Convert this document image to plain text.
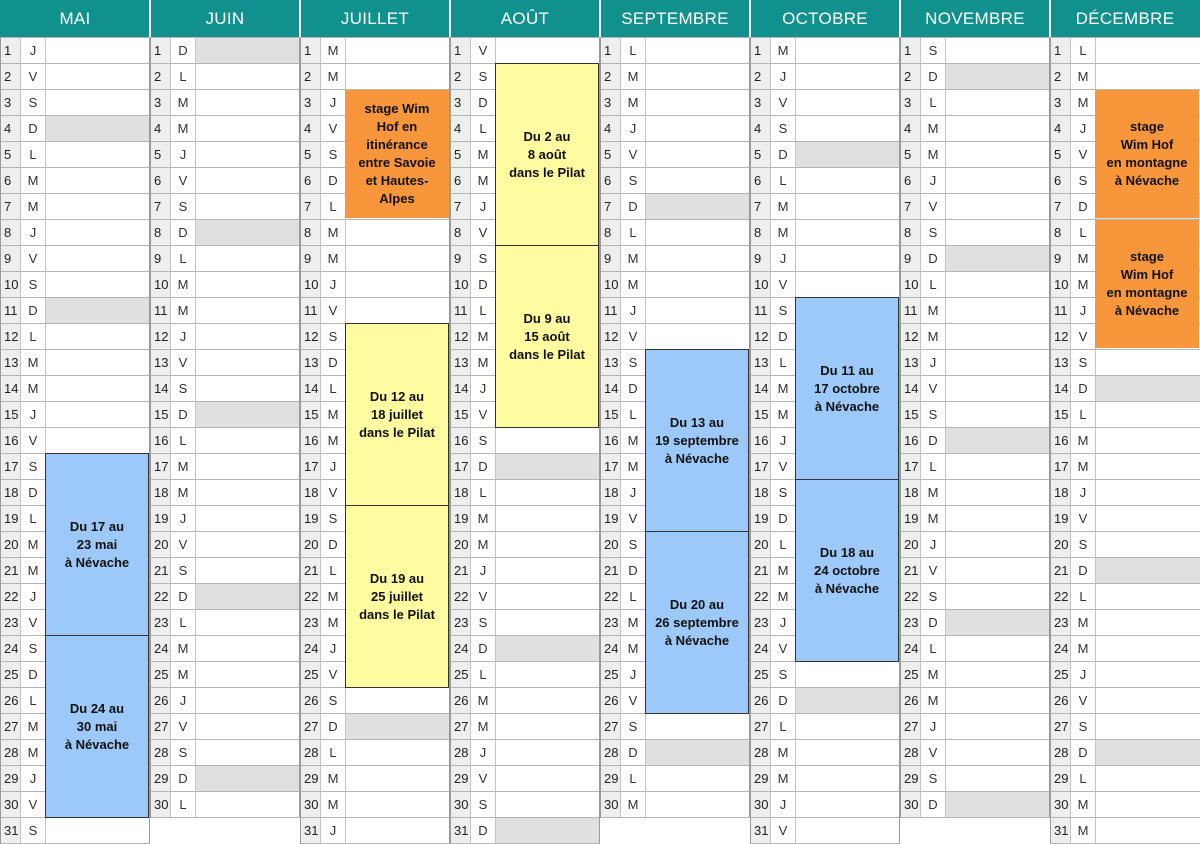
MAI
1	J
2	V
3	S
4	D
5	L
6	M
7	M
8	J
9	V
10 S
11 D
12 L
13 M
14 M
15 J
16 V
17 S
18 D
19 L
20 M
21 M
22 J
23 V
24 S
25 D
26 L
27 M
28 M
29 J
30 V
31 S
JUIN
1	D
2	L
3	M
4	M
5	J
6	V
7	S
8	D
9	L
10 M
11 M
12 J
13 V
14 S
15 D
16 L
17 M
18 M
19 J
20 V
21 S
22 D
23 L
24 M
25 M
26 J
27 V
28 S
29 D
30 L
JUILLET
1	M
2	M
3	J
4	V
5	S
6	D
7	L
8	M
9	M
10 J
11 V
12 S
13 D
14 L
15 M
16 M
17 J
18 V
19 S
20 D
21 L
22 M
23 M
24 J
25 V
26 S
27 D
28 L
29 M
30 M
31 J
AOÛT
1	V
2	S
3	D
4	L
5	M
6	M
7	J
8	V
9	S
10 D
11 L
12 M
13 M
14 J
15 V
16 S
17 D
18 L
19 M
20 M
21 J
22 V
23 S
24 D
25 L
26 M
27 M
28 J
29 V
30 S
31 D
SEPTEMBRE
1	L
2	M
3	M
4	J
5	V
6	S
7	D
8	L
9	M
10 M
11 J
12 V
13 S
14 D
15 L
16 M
17 M
18 J
19 V
20 S
21 D
22 L
23 M
24 M
25 J
26 V
27 S
28 D
29 L
30 M
OCTOBRE
1	M
2	J
3	V
4	S
5	D
6	L
7	M
8	M
9	J
10 V
11 S
12 D
13 L
14 M
15 M
16 J
17 V
18 S
19 D
20 L
21 M
22 M
23 J
24 V
25 S
26 D
27 L
28 M
29 M
30 J
31 V
NOVEMBRE
1	S
2	D
3	L
4	M
5	M
6	J
7	V
8	S
9	D
10 L
11 M
12 M
13 J
14 V
15 S
16 D
17 L
18 M
19 M
20 J
21 V
22 S
23 D
24 L
25 M
26 M
27 J
28 V
29 S
30 D
DÉCEMBRE
1	L
2	M
3	M
4	J
5	V
6	S
7	D
8	L
9	M
10 M
11 J
12 V
13 S
14 D
15 L
16 M
17 M
18 J
19 V
20 S
21 D
22 L
23 M
24 M
25 J
26 V
27 S
28 D
29 L
30 M
31 M
Du 17 au
23 mai
à Névache
Du 24 au
30 mai
à Névache
stage Wim
Hof en
itinérance
entre Savoie
et Hautes-
Alpes
Du 12 au
18 juillet
dans le Pilat
Du 19 au
25 juillet
dans le Pilat
Du 2 au
8 août
dans le Pilat
Du 9 au
15 août
dans le Pilat
Du 13 au
19 septembre
à Névache
Du 20 au
26 septembre
à Névache
Du 11 au
17 octobre
à Névache
Du 18 au
24 octobre
à Névache
stage
Wim Hof
en montagne
à Névache
stage
Wim Hof
en montagne
à Névache
